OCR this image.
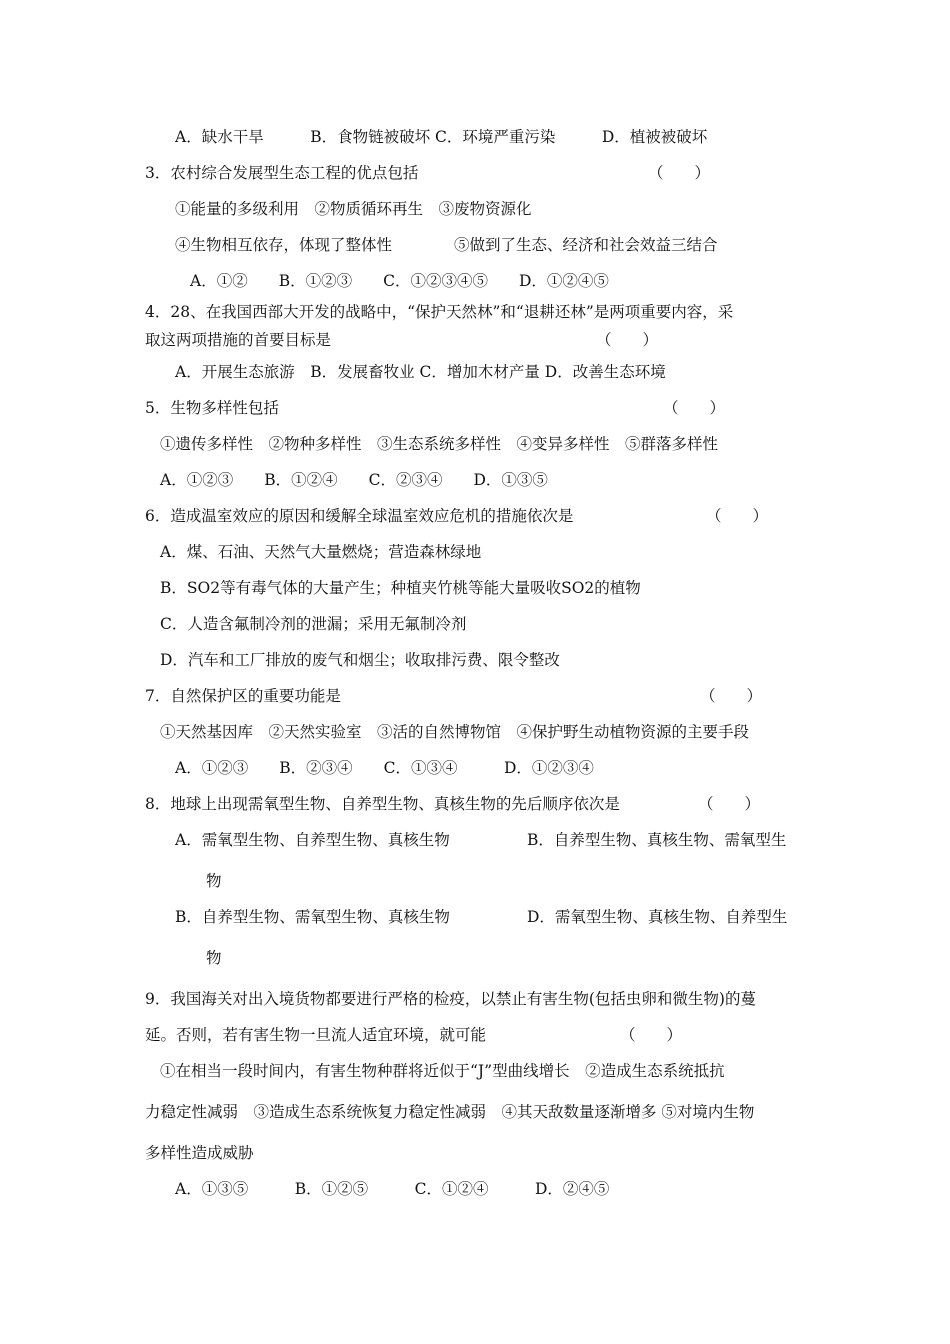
A．缺水干旱　　　B．食物链被破坏 C．环境严重污染　　　D．植被被破坏
3．农村综合发展型生态工程的优点包括	（　　）
①能量的多级利用　②物质循环再生　③废物资源化
④生物相互依存，体现了整体性　　　　⑤做到了生态、经济和社会效益三结合
A．①②　　B．①②③　　C．①②③④⑤　　D．①②④⑤
4．28、在我国西部大开发的战略中，“保护天然林”和“退耕还林”是两项重要内容，采
取这两项措施的首要目标是	（　　）
A．开展生态旅游　B．发展畜牧业 C．增加木材产量 D．改善生态环境
5．生物多样性包括	（　　）
①遗传多样性　②物种多样性　③生态系统多样性　④变异多样性　⑤群落多样性
A．①②③　　B．①②④　　C．②③④　　D．①③⑤
6．造成温室效应的原因和缓解全球温室效应危机的措施依次是	（　　）
A．煤、石油、天然气大量燃烧；营造森林绿地
B．SO2等有毒气体的大量产生；种植夹竹桃等能大量吸收SO2的植物
C．人造含氟制冷剂的泄漏；采用无氟制冷剂
D．汽车和工厂排放的废气和烟尘；收取排污费、限令整改
7．自然保护区的重要功能是	（　　）
①天然基因库　②天然实验室　③活的自然博物馆　④保护野生动植物资源的主要手段
A．①②③　　B．②③④　　C．①③④　　　D．①②③④
8．地球上出现需氧型生物、自养型生物、真核生物的先后顺序依次是	（　　）
A．需氧型生物、自养型生物、真核生物	B．自养型生物、真核生物、需氧型生
物
B．自养型生物、需氧型生物、真核生物	D．需氧型生物、真核生物、自养型生
物
9．我国海关对出入境货物都要进行严格的检疫，以禁止有害生物(包括虫卵和微生物)的蔓
延。否则，若有害生物一旦流人适宜环境，就可能	（　　）
①在相当一段时间内，有害生物种群将近似于“J”型曲线增长　②造成生态系统抵抗
力稳定性减弱　③造成生态系统恢复力稳定性减弱　④其天敌数量逐渐增多 ⑤对境内生物
多样性造成威胁
A．①③⑤　　　B．①②⑤　　　C．①②④　　　D．②④⑤
